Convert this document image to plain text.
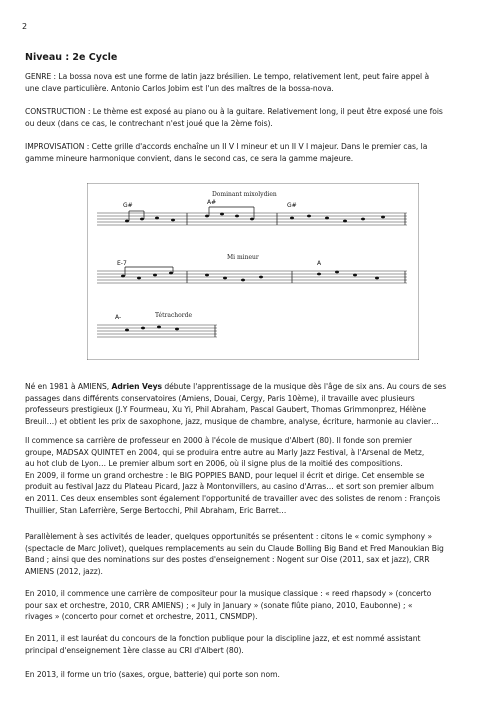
2
Niveau : 2e Cycle

GENRE : La bossa nova est une forme de latin jazz brésilien. Le tempo, relativement lent, peut faire appel à

une clave particulière. Antonio Carlos Jobim est l'un des maîtres de la bossa-nova.

CONSTRUCTION : Le thème est exposé au piano ou à la guitare. Relativement long, il peut être exposé une fois

ou deux (dans ce cas, le contrechant n'est joué que la 2ème fois).

IMPROVISATION : Cette grille d'accords enchaîne un II V I mineur et un II V I majeur. Dans le premier cas, la

gamme mineure harmonique convient, dans le second cas, ce sera la gamme majeure.

Dominant mixolydien
Mi mineur
Tétrachorde
G#	A#	G#
E-7	A
A-

Né en 1981 à AMIENS, Adrien Veys débute l'apprentissage de la musique dès l'âge de six ans. Au cours de ses

passages dans différents conservatoires (Amiens, Douai, Cergy, Paris 10ème), il travaille avec plusieurs

professeurs prestigieux (J.Y Fourmeau, Xu Yi, Phil Abraham, Pascal Gaubert, Thomas Grimmonprez, Hélène

Breuil…) et obtient les prix de saxophone, jazz, musique de chambre, analyse, écriture, harmonie au clavier…

Il commence sa carrière de professeur en 2000 à l'école de musique d'Albert (80). Il fonde son premier

groupe, MADSAX QUINTET en 2004, qui se produira entre autre au Marly Jazz Festival, à l'Arsenal de Metz,

au hot club de Lyon… Le premier album sort en 2006, où il signe plus de la moitié des compositions.

En 2009, il forme un grand orchestre : le BIG POPPIES BAND, pour lequel il écrit et dirige. Cet ensemble se

produit au festival Jazz du Plateau Picard, Jazz à Montonvillers, au casino d'Arras… et sort son premier album

en 2011. Ces deux ensembles sont également l'opportunité de travailler avec des solistes de renom : François

Thuillier, Stan Laferrière, Serge Bertocchi, Phil Abraham, Eric Barret…

Parallèlement à ses activités de leader, quelques opportunités se présentent : citons le « comic symphony »

(spectacle de Marc Jolivet), quelques remplacements au sein du Claude Bolling Big Band et Fred Manoukian Big

Band ; ainsi que des nominations sur des postes d'enseignement : Nogent sur Oise (2011, sax et jazz), CRR

AMIENS (2012, jazz).

En 2010, il commence une carrière de compositeur pour la musique classique : « reed rhapsody » (concerto

pour sax et orchestre, 2010, CRR AMIENS) ; « July in January » (sonate flûte piano, 2010, Eaubonne) ; «

rivages » (concerto pour cornet et orchestre, 2011, CNSMDP).

En 2011, il est lauréat du concours de la fonction publique pour la discipline jazz, et est nommé assistant

principal d'enseignement 1ère classe au CRI d'Albert (80).

En 2013, il forme un trio (saxes, orgue, batterie) qui porte son nom.
